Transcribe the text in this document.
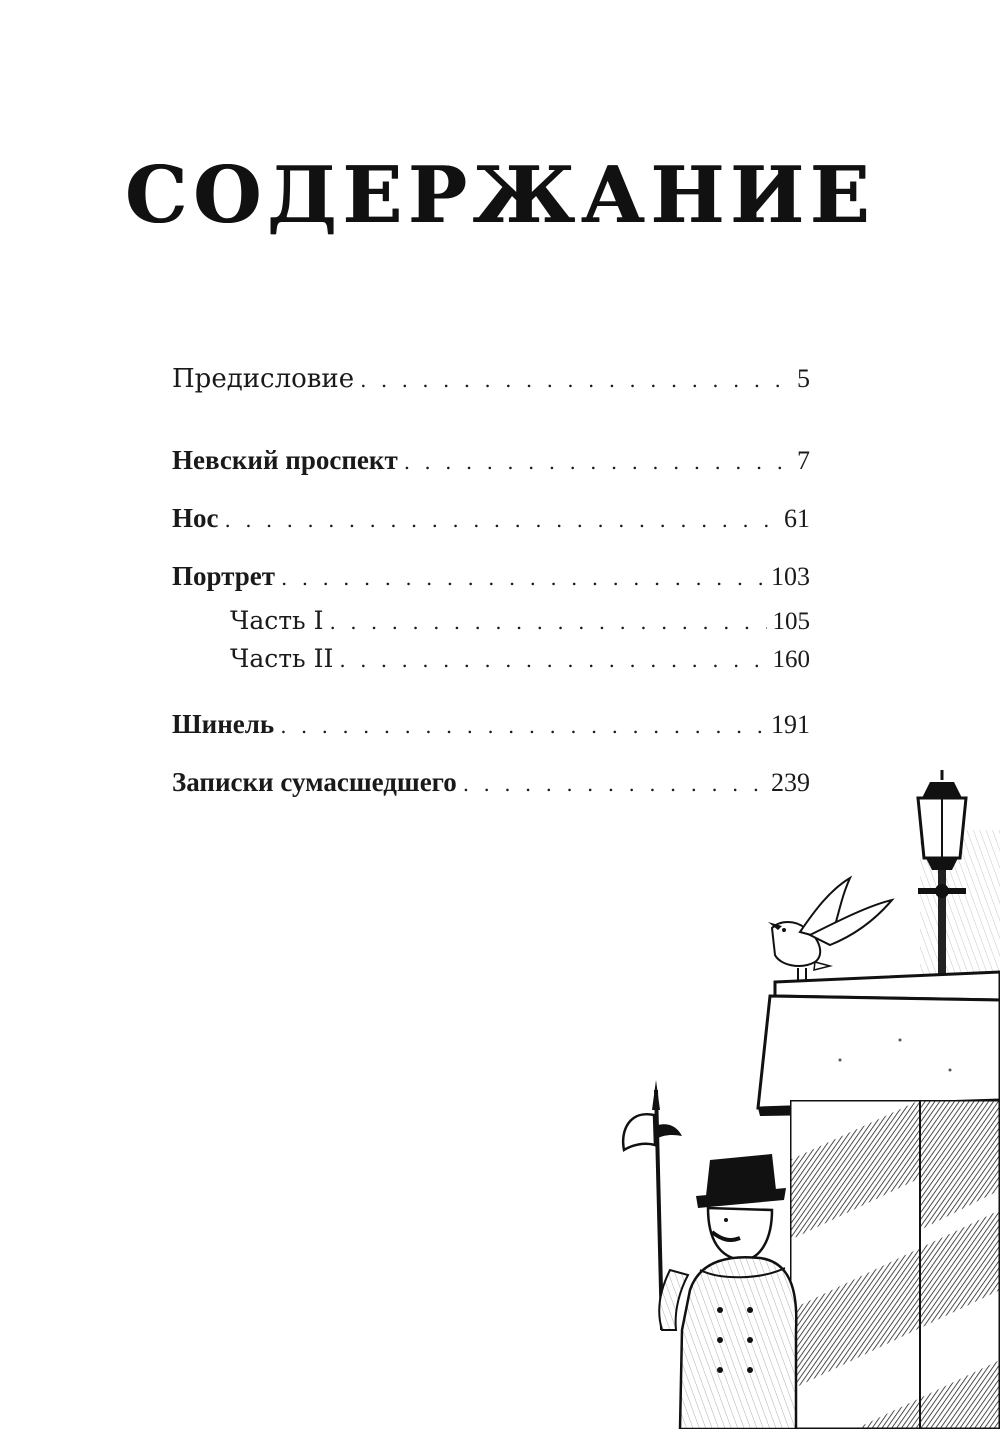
СОДЕРЖАНИЕ
Предисловие . . .	5
Невский проспект . . .	7
Нос . . .	61
Портрет . . .	103
Часть I . . .	105
Часть II . . .	160
Шинель . . .	191
Записки сумасшедшего . . .	239
